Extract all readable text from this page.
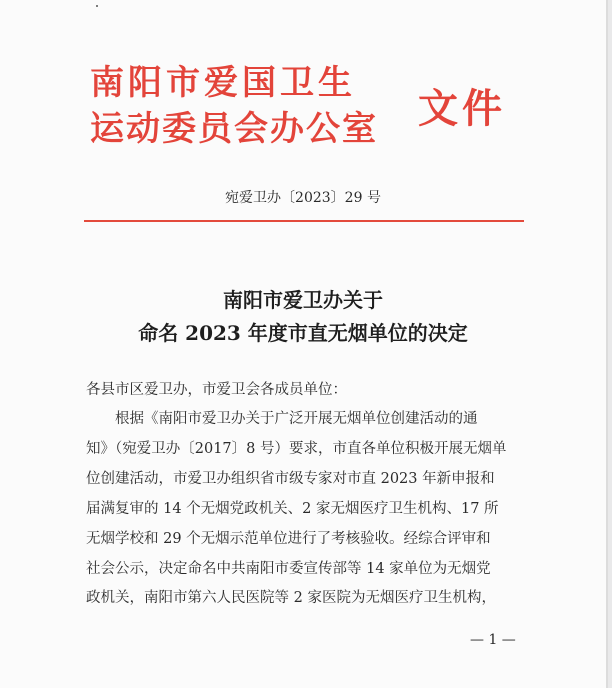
南阳市爱国卫生
运动委员会办公室 文件
宛爱卫办〔2023〕29 号
南阳市爱卫办关于
命名 2023 年度市直无烟单位的决定
各县市区爱卫办，市爱卫会各成员单位：
根据《南阳市爱卫办关于广泛开展无烟单位创建活动的通
知》（宛爱卫办〔2017〕8 号）要求，市直各单位积极开展无烟单
位创建活动，市爱卫办组织省市级专家对市直 2023 年新申报和
届满复审的 14 个无烟党政机关、2 家无烟医疗卫生机构、17 所
无烟学校和 29 个无烟示范单位进行了考核验收。经综合评审和
社会公示，决定命名中共南阳市委宣传部等 14 家单位为无烟党
政机关，南阳市第六人民医院等 2 家医院为无烟医疗卫生机构，
— 1 —
